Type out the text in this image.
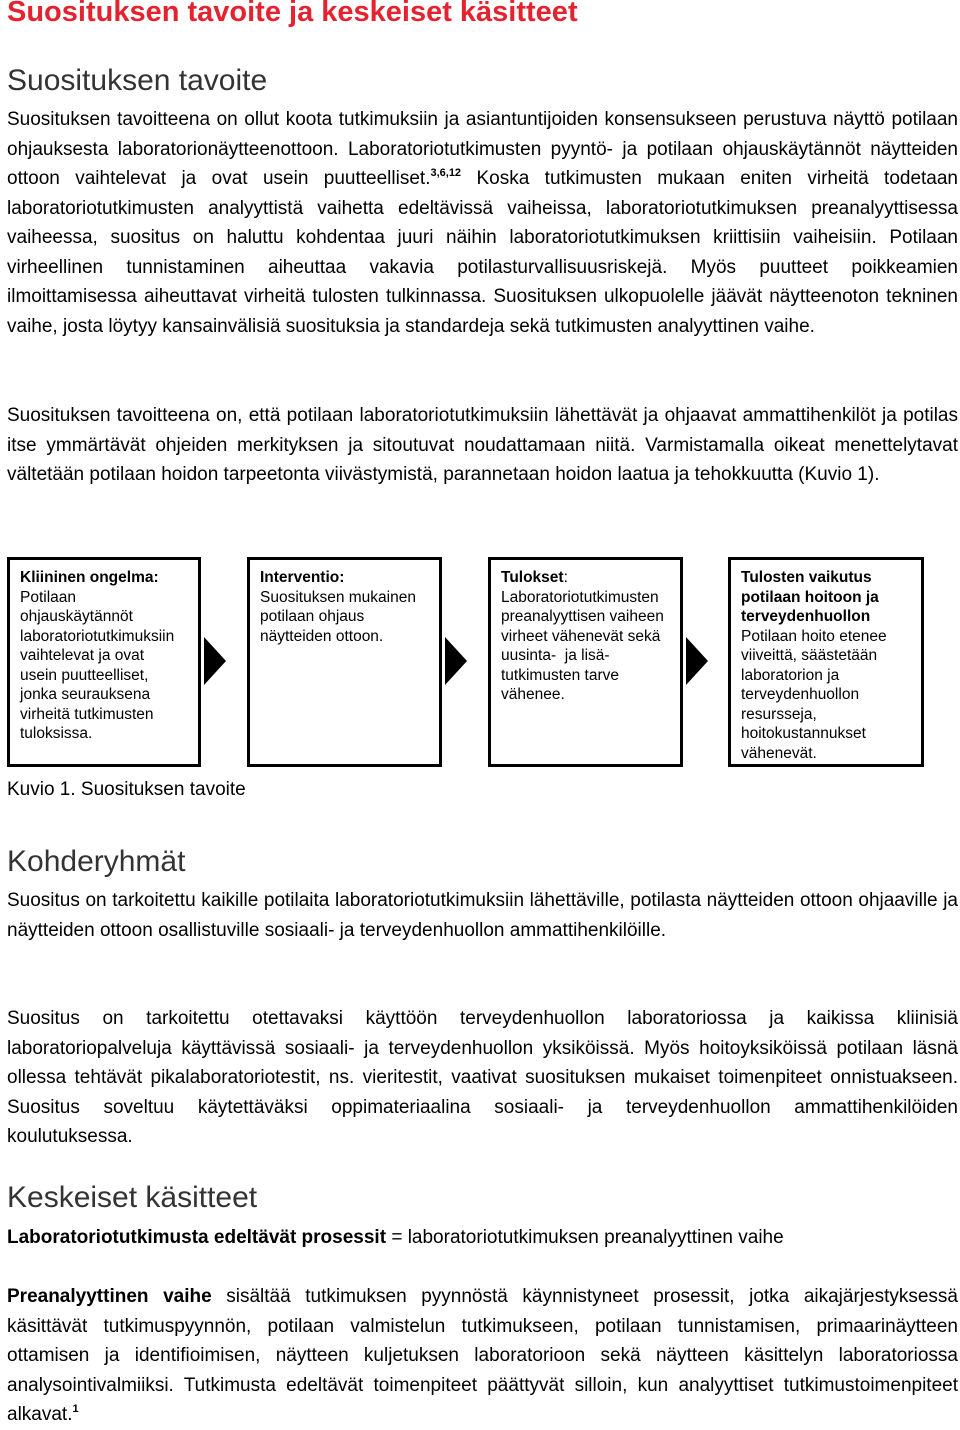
Suosituksen tavoite ja keskeiset käsitteet
Suosituksen tavoite

Suosituksen tavoitteena on ollut koota tutkimuksiin ja asiantuntijoiden konsensukseen perustuva näyttö potilaan ohjauksesta laboratorionäytteenottoon. Laboratoriotutkimusten pyyntö- ja potilaan ohjauskäytännöt näytteiden ottoon vaihtelevat ja ovat usein puutteelliset.$^{3,6,12}$ Koska tutkimusten mukaan eniten virheitä todetaan laboratoriotutkimusten analyyttistä vaihetta edeltävissä vaiheissa, laboratoriotutkimuksen preanalyyttisessa vaiheessa, suositus on haluttu kohdentaa juuri näihin laboratoriotutkimuksen kriittisiin vaiheisiin. Potilaan virheellinen tunnistaminen aiheuttaa vakavia potilasturvallisuusriskejä. Myös puutteet poikkeamien ilmoittamisessa aiheuttavat virheitä tulosten tulkinnassa. Suosituksen ulkopuolelle jäävät näytteenoton tekninen vaihe, josta löytyy kansainvälisiä suosituksia ja standardeja sekä tutkimusten analyyttinen vaihe.

Suosituksen tavoitteena on, että potilaan laboratoriotutkimuksiin lähettävät ja ohjaavat ammattihenkilöt ja potilas itse ymmärtävät ohjeiden merkityksen ja sitoutuvat noudattamaan niitä. Varmistamalla oikeat menettelytavat vältetään potilaan hoidon tarpeetonta viivästymistä, parannetaan hoidon laatua ja tehokkuutta (Kuvio 1).

Kliininen ongelma:
Potilaan
ohjauskäytännöt
laboratoriotutkimuksiin
vaihtelevat ja ovat
usein puutteelliset,
jonka seurauksena
virheitä tutkimusten
tuloksissa.
Interventio:
Suosituksen mukainen
potilaan ohjaus
näytteiden ottoon.
Tulokset:
Laboratoriotutkimusten
preanalyyttisen vaiheen
virheet vähenevät sekä
uusinta-  ja lisä-
tutkimusten tarve
vähenee.
Tulosten vaikutus
potilaan hoitoon ja
terveydenhuollon
Potilaan hoito etenee
viiveittä, säästetään
laboratorion ja
terveydenhuollon
resursseja,
hoitokustannukset
vähenevät.

Kuvio 1. Suosituksen tavoite

Kohderyhmät

Suositus on tarkoitettu kaikille potilaita laboratoriotutkimuksiin lähettäville, potilasta näytteiden ottoon ohjaaville ja näytteiden ottoon osallistuville sosiaali- ja terveydenhuollon ammattihenkilöille.

Suositus on tarkoitettu otettavaksi käyttöön terveydenhuollon laboratoriossa ja kaikissa kliinisiä laboratoriopalveluja käyttävissä sosiaali- ja terveydenhuollon yksiköissä. Myös hoitoyksiköissä potilaan läsnä ollessa tehtävät pikalaboratoriotestit, ns. vieritestit, vaativat suosituksen mukaiset toimenpiteet onnistuakseen. Suositus soveltuu käytettäväksi oppimateriaalina sosiaali- ja terveydenhuollon ammattihenkilöiden koulutuksessa.

Keskeiset käsitteet

Laboratoriotutkimusta edeltävät prosessit = laboratoriotutkimuksen preanalyyttinen vaihe

Preanalyyttinen vaihe sisältää tutkimuksen pyynnöstä käynnistyneet prosessit, jotka aikajärjestyksessä käsittävät tutkimuspyynnön, potilaan valmistelun tutkimukseen, potilaan tunnistamisen, primaarinäytteen ottamisen ja identifioimisen, näytteen kuljetuksen laboratorioon sekä näytteen käsittelyn laboratoriossa analysointivalmiiksi. Tutkimusta edeltävät toimenpiteet päättyvät silloin, kun analyyttiset tutkimustoimenpiteet alkavat.$^1$
